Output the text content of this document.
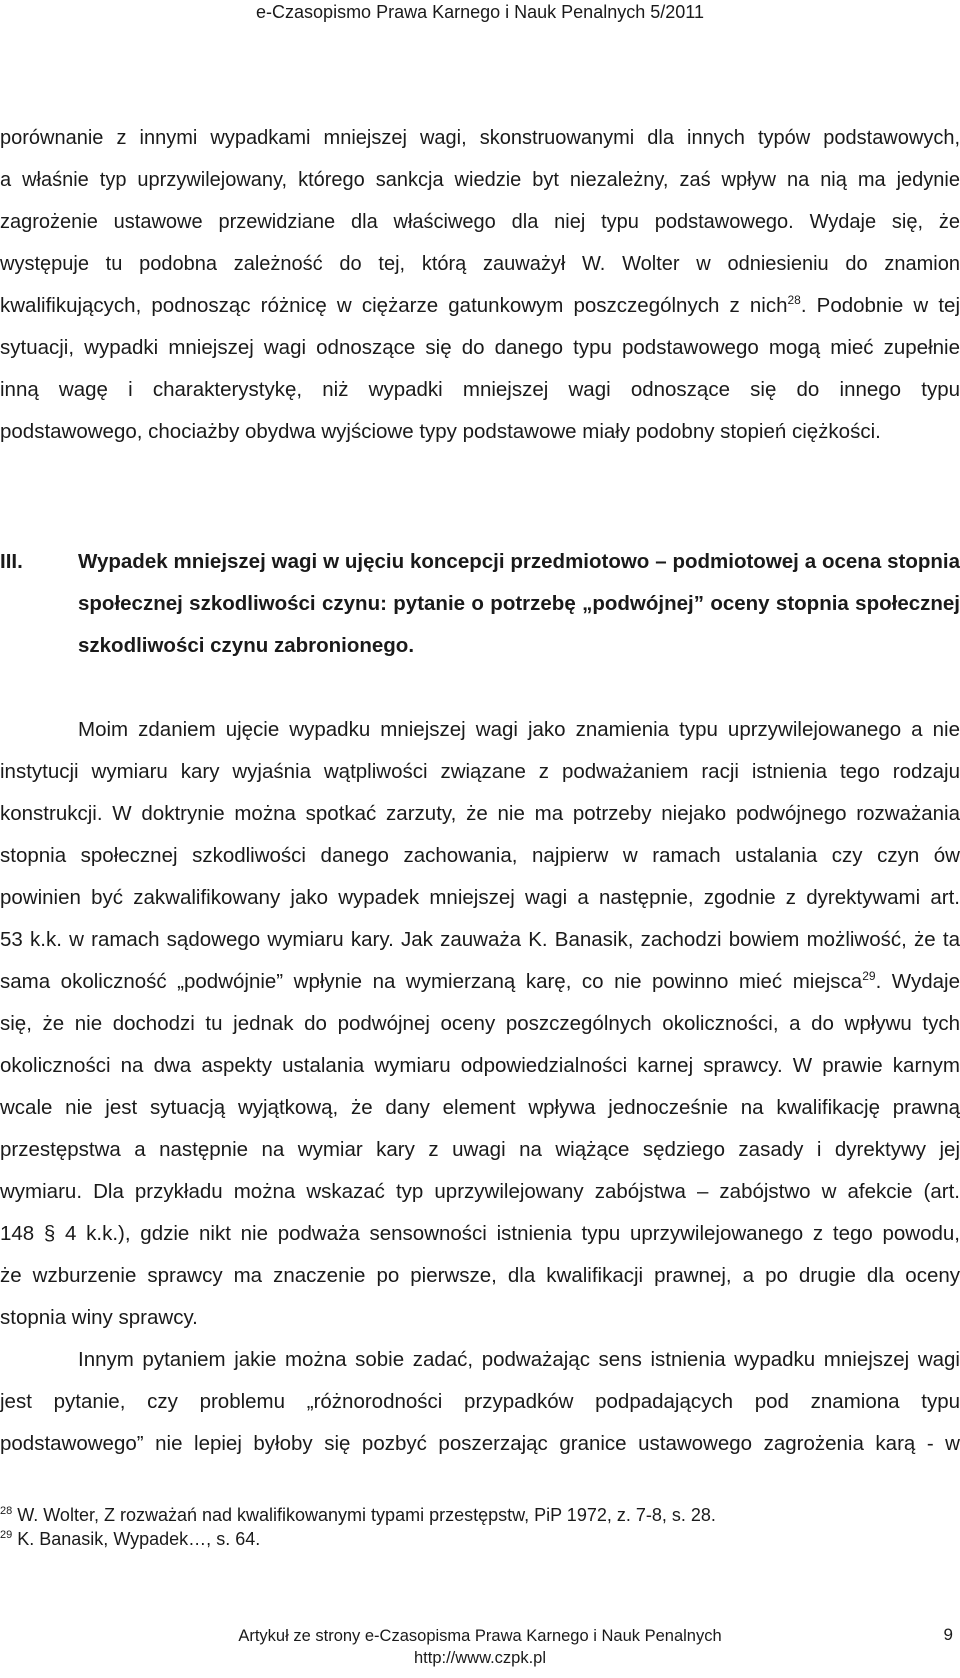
e-Czasopismo Prawa Karnego i Nauk Penalnych 5/2011
porównanie z innymi wypadkami mniejszej wagi, skonstruowanymi dla innych typów podstawowych,
a właśnie typ uprzywilejowany, którego sankcja wiedzie byt niezależny, zaś wpływ na nią ma jedynie
zagrożenie ustawowe przewidziane dla właściwego dla niej typu podstawowego. Wydaje się, że
występuje tu podobna zależność do tej, którą zauważył W. Wolter w odniesieniu do znamion
kwalifikujących, podnosząc różnicę w ciężarze gatunkowym poszczególnych z nich$^{28}$. Podobnie w tej
sytuacji, wypadki mniejszej wagi odnoszące się do danego typu podstawowego mogą mieć zupełnie
inną wagę i charakterystykę, niż wypadki mniejszej wagi odnoszące się do innego typu
podstawowego, chociażby obydwa wyjściowe typy podstawowe miały podobny stopień ciężkości.
III.	Wypadek mniejszej wagi w ujęciu koncepcji przedmiotowo – podmiotowej a ocena stopnia
społecznej szkodliwości czynu: pytanie o potrzebę „podwójnej” oceny stopnia społecznej
szkodliwości czynu zabronionego.
Moim zdaniem ujęcie wypadku mniejszej wagi jako znamienia typu uprzywilejowanego a nie
instytucji wymiaru kary wyjaśnia wątpliwości związane z podważaniem racji istnienia tego rodzaju
konstrukcji. W doktrynie można spotkać zarzuty, że nie ma potrzeby niejako podwójnego rozważania
stopnia społecznej szkodliwości danego zachowania, najpierw w ramach ustalania czy czyn ów
powinien być zakwalifikowany jako wypadek mniejszej wagi a następnie, zgodnie z dyrektywami art.
53 k.k. w ramach sądowego wymiaru kary. Jak zauważa K. Banasik, zachodzi bowiem możliwość, że ta
sama okoliczność „podwójnie” wpłynie na wymierzaną karę, co nie powinno mieć miejsca$^{29}$. Wydaje
się, że nie dochodzi tu jednak do podwójnej oceny poszczególnych okoliczności, a do wpływu tych
okoliczności na dwa aspekty ustalania wymiaru odpowiedzialności karnej sprawcy. W prawie karnym
wcale nie jest sytuacją wyjątkową, że dany element wpływa jednocześnie na kwalifikację prawną
przestępstwa a następnie na wymiar kary z uwagi na wiążące sędziego zasady i dyrektywy jej
wymiaru. Dla przykładu można wskazać typ uprzywilejowany zabójstwa – zabójstwo w afekcie (art.
148 § 4 k.k.), gdzie nikt nie podważa sensowności istnienia typu uprzywilejowanego z tego powodu,
że wzburzenie sprawcy ma znaczenie po pierwsze, dla kwalifikacji prawnej, a po drugie dla oceny
stopnia winy sprawcy.
Innym pytaniem jakie można sobie zadać, podważając sens istnienia wypadku mniejszej wagi
jest pytanie, czy problemu „różnorodności przypadków podpadających pod znamiona typu
podstawowego” nie lepiej byłoby się pozbyć poszerzając granice ustawowego zagrożenia karą - w
$^{28}$ W. Wolter, Z rozważań nad kwalifikowanymi typami przestępstw, PiP 1972, z. 7-8, s. 28.
$^{29}$ K. Banasik, Wypadek…, s. 64.
Artykuł ze strony e-Czasopisma Prawa Karnego i Nauk Penalnych
http://www.czpk.pl
9
